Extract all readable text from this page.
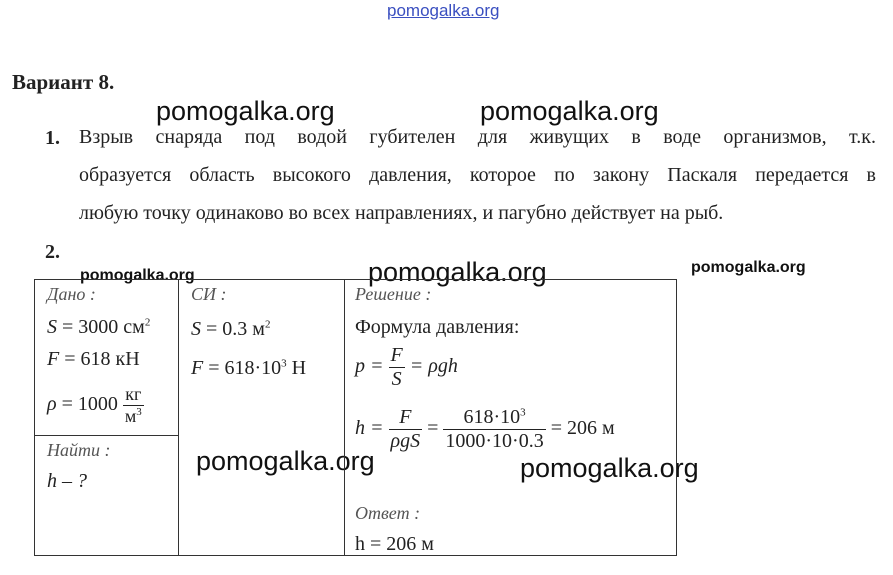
pomogalka.org
Вариант 8.
pomogalka.org	pomogalka.org
pomogalka.org
pomogalka.org	pomogalka.org
pomogalka.org	pomogalka.org
1. Взрыв снаряда под водой губителен для живущих в воде организмов, т.к.
образуется область высокого давления, которое по закону Паскаля передается в
любую точку одинаково во всех направлениях, и пагубно действует на рыб.
2.
Дано :
S = 3000 $см^2$
F = 618 кН
$\rho = 1000 \frac{кг}{м^3}$
Найти :
h – ?
СИ :
S = 0.3 $м^2$
$F = 618\cdot 10^3$ Н
Решение :
Формула давления:
$p = \frac{F}{S} = \rho gh$
$h = \frac{F}{\text{ρgS}} = \frac{618\cdot 10^3}{1000\cdot 10\cdot 0.3} = 206$ м
Ответ :
h = 206 м
